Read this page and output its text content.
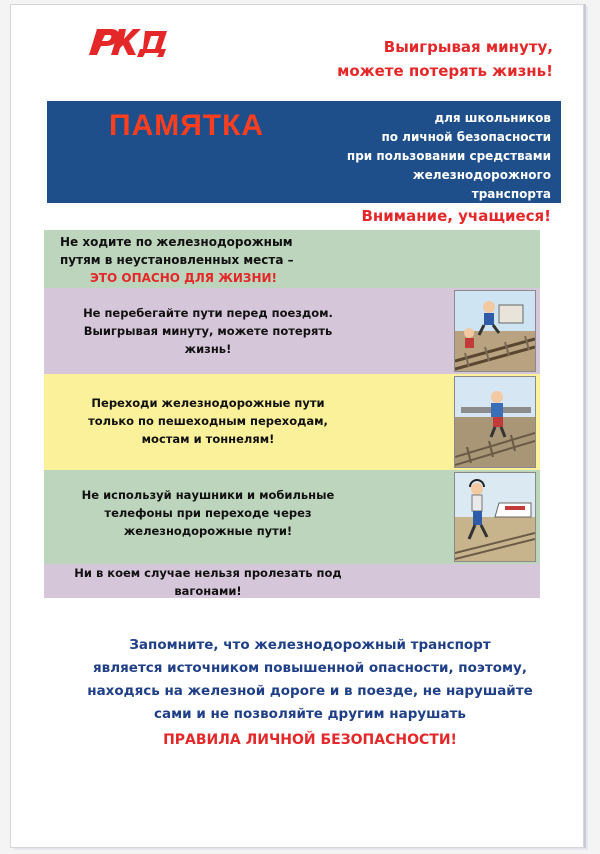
Выигрывая минуту,
можете потерять жизнь!
ПАМЯТКА	для школьников
по личной безопасности
при пользовании средствами
железнодорожного
транспорта
Внимание, учащиеся!
Не ходите по железнодорожным
путям в неустановленных места –
ЭТО ОПАСНО ДЛЯ ЖИЗНИ!
Не перебегайте пути перед поездом.
Выигрывая минуту, можете потерять
жизнь!
Переходи железнодорожные пути
только по пешеходным переходам,
мостам и тоннелям!
Не используй наушники и мобильные
телефоны при переходе через
железнодорожные пути!
Ни в коем случае нельзя пролезать под
вагонами!
Запомните, что железнодорожный транспорт
является источником повышенной опасности, поэтому,
находясь на железной дороге и в поезде, не нарушайте
сами и не позволяйте другим нарушать
ПРАВИЛА ЛИЧНОЙ БЕЗОПАСНОСТИ!
